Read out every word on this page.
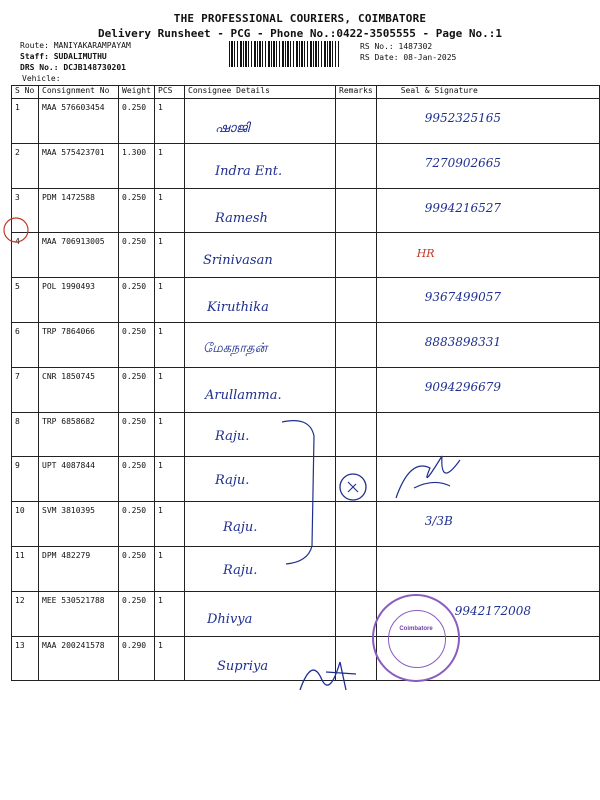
THE PROFESSIONAL COURIERS, COIMBATORE
Delivery Runsheet - PCG - Phone No.:0422-3505555 - Page No.:1
Route: MANIYAKARAMPAYAM
Staff: SUDALIMUTHU
DRS No.: DCJB148730201
Vehicle:
RS No.: 1487302
RS Date: 08-Jan-2025
S No	Consignment No	Weight	PCS	Consignee Details	Remarks	Seal & Signature
1	MAA 576603454	0.250	1	ഷാജി		9952325165

2	MAA 575423701	1.300	1	Indra Ent.		7270902665

3	PDM 1472588	0.250	1	Ramesh		9994216527

4	MAA 706913005	0.250	1	Srinivasan		HR

5	POL 1990493	0.250	1	Kiruthika		9367499057

6	TRP 7864066	0.250	1	மேகநாதன்		8883898331

7	CNR 1850745	0.250	1	Arullamma.		9094296679

8	TRP 6858682	0.250	1	Raju.		

9	UPT 4087844	0.250	1	Raju.		

10	SVM 3810395	0.250	1	Raju.		3/3B

11	DPM 482279	0.250	1	Raju.		

12	MEE 530521788	0.250	1	Dhivya		9942172008

13	MAA 200241578	0.290	1	Supriya		

Coimbatore
